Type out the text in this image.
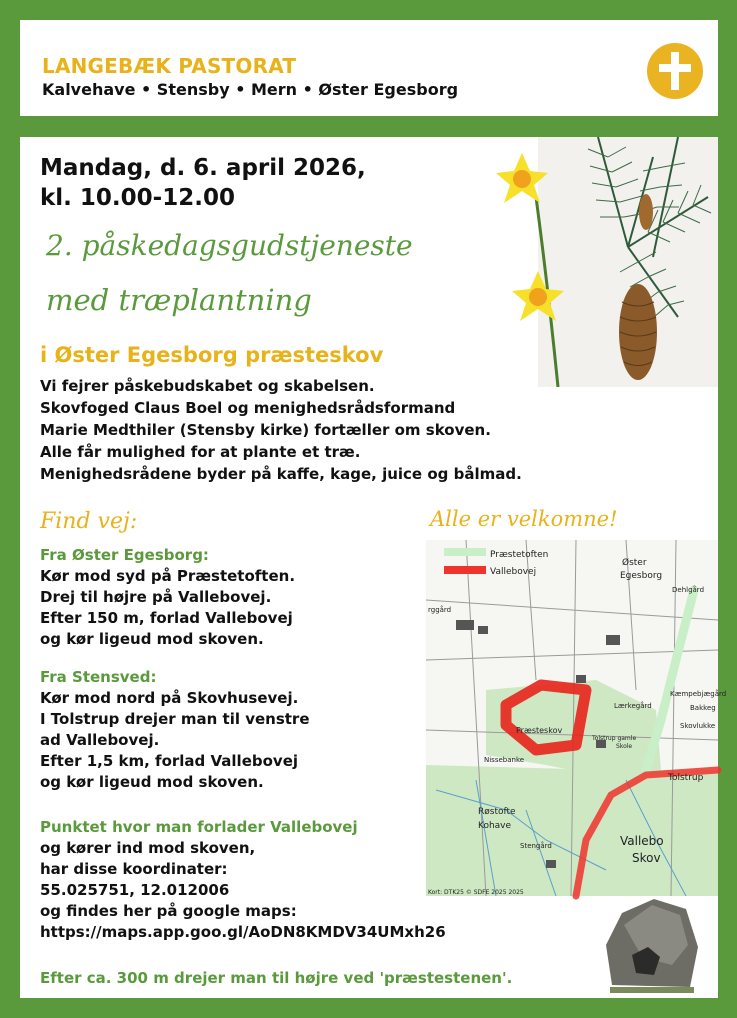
LANGEBÆK PASTORAT
Kalvehave • Stensby • Mern • Øster Egesborg
Mandag, d. 6. april 2026,
kl. 10.00-12.00
2. påskedagsgudstjeneste
med træplantning
i Øster Egesborg præsteskov
Vi fejrer påskebudskabet og skabelsen.
Skovfoged Claus Boel og menighedsrådsformand
Marie Medthiler (Stensby kirke) fortæller om skoven.
Alle får mulighed for at plante et træ.
Menighedsrådene byder på kaffe, kage, juice og bålmad.
Find vej:	Alle er velkomne!
Fra Øster Egesborg:
Kør mod syd på Præstetoften.
Drej til højre på Vallebovej.
Efter 150 m, forlad Vallebovej
og kør ligeud mod skoven.
Fra Stensved:
Kør mod nord på Skovhusevej.
I Tolstrup drejer man til venstre
ad Vallebovej.
Efter 1,5 km, forlad Vallebovej
og kør ligeud mod skoven.
Punktet hvor man forlader Vallebovej
og kører ind mod skoven,
har disse koordinater:
55.025751, 12.012006
og findes her på google maps:
https://maps.app.goo.gl/AoDN8KMDV34UMxh26
Præstetoften
Vallebovej
Øster
Egesborg
Dehlgård
rggård
Præsteskov
Lærkegård
Kæmpebjægård
Bakkeg
Skovlukke
Tolstrup gamle
Skole
Nissebanke
Tolstrup
Røstofte
Kohave
Stengård	Vallebo
Skov
Kort: DTK25 © SDFE 2025 2025
Efter ca. 300 m drejer man til højre ved 'præstestenen'.
